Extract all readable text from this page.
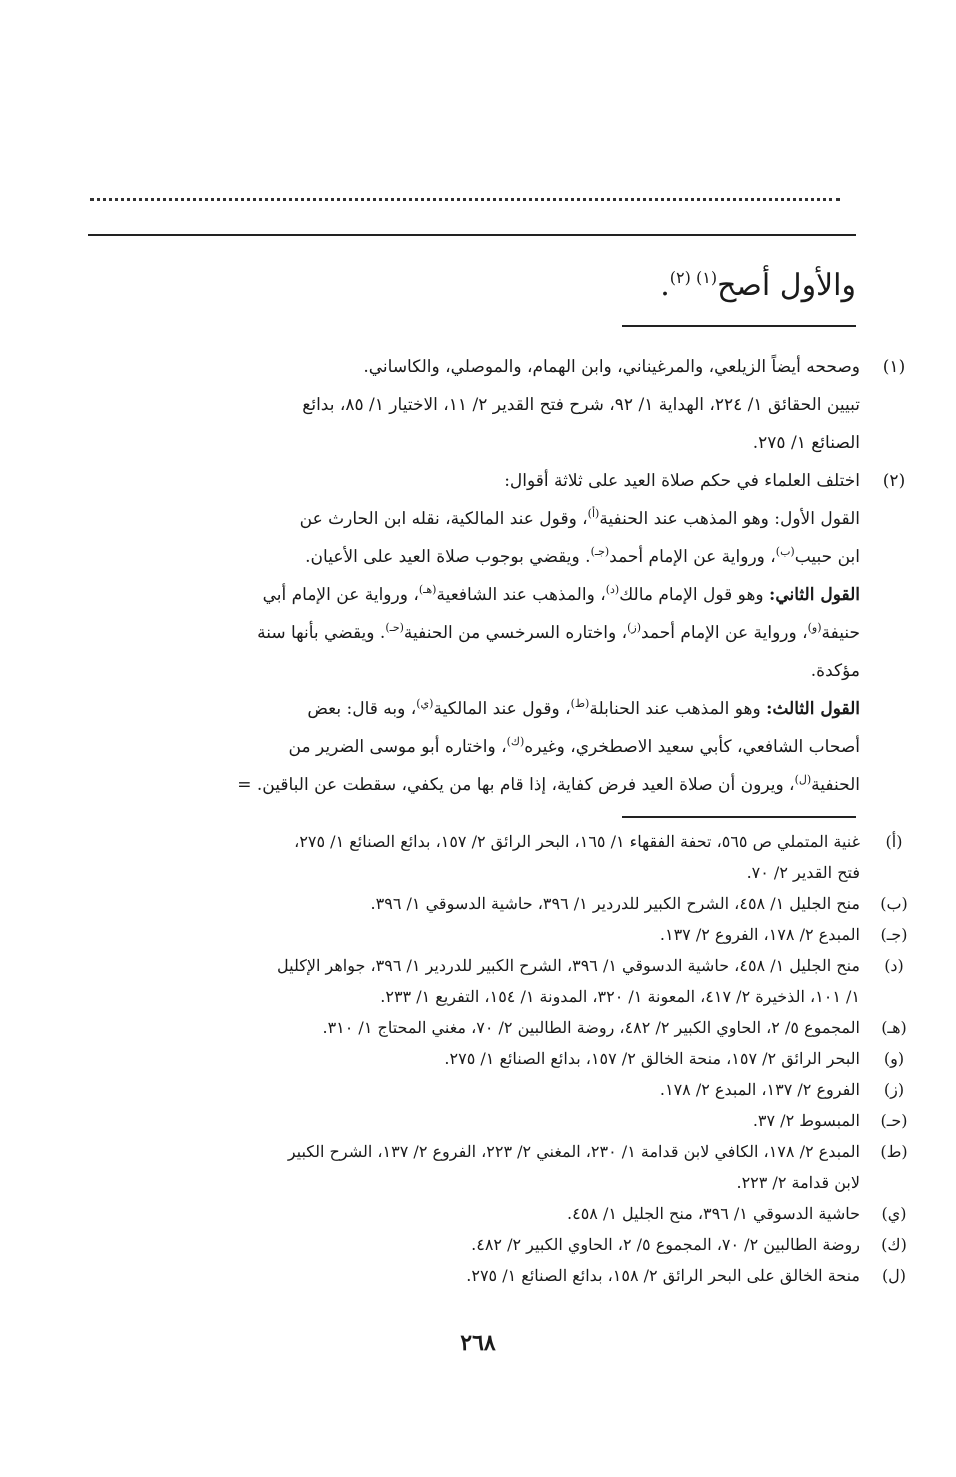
والأول أصح$^{(١) (٢)}$.
(١)
وصححه أيضاً الزيلعي، والمرغيناني، وابن الهمام، والموصلي، والكاساني.
تبيين الحقائق ١/ ٢٢٤، الهداية ١/ ٩٢، شرح فتح القدير ٢/ ١١، الاختيار ١/ ٨٥، بدائع
الصنائع ١/ ٢٧٥.
(٢)
اختلف العلماء في حكم صلاة العيد على ثلاثة أقوال:
القول الأول: وهو المذهب عند الحنفية$^{(أ)}$، وقول عند المالكية، نقله ابن الحارث عن
ابن حبيب$^{(ب)}$، ورواية عن الإمام أحمد$^{(جـ)}$. ويقضي بوجوب صلاة العيد على الأعيان.
القول الثاني: وهو قول الإمام مالك$^{(د)}$، والمذهب عند الشافعية$^{(هـ)}$، ورواية عن الإمام أبي
حنيفة$^{(و)}$، ورواية عن الإمام أحمد$^{(ز)}$، واختاره السرخسي من الحنفية$^{(حـ)}$. ويقضي بأنها سنة
مؤكدة.
القول الثالث: وهو المذهب عند الحنابلة$^{(ط)}$، وقول عند المالكية$^{(ي)}$، وبه قال: بعض
أصحاب الشافعي، كأبي سعيد الاصطخري، وغيره$^{(ك)}$، واختاره أبو موسى الضرير من
الحنفية$^{(ل)}$، ويرون أن صلاة العيد فرض كفاية، إذا قام بها من يكفي، سقطت عن الباقين. =
(أ)
غنية المتملي ص ٥٦٥، تحفة الفقهاء ١/ ١٦٥، البحر الرائق ٢/ ١٥٧، بدائع الصنائع ١/ ٢٧٥،
فتح القدير ٢/ ٧٠.
(ب)
منح الجليل ١/ ٤٥٨، الشرح الكبير للدردير ١/ ٣٩٦، حاشية الدسوقي ١/ ٣٩٦.
(جـ)
المبدع ٢/ ١٧٨، الفروع ٢/ ١٣٧.
(د)
منح الجليل ١/ ٤٥٨، حاشية الدسوقي ١/ ٣٩٦، الشرح الكبير للدردير ١/ ٣٩٦، جواهر الإكليل
١/ ١٠١، الذخيرة ٢/ ٤١٧، المعونة ١/ ٣٢٠، المدونة ١/ ١٥٤، التفريع ١/ ٢٣٣.
(هـ)
المجموع ٥/ ٢، الحاوي الكبير ٢/ ٤٨٢، روضة الطالبين ٢/ ٧٠، مغني المحتاج ١/ ٣١٠.
(و)
البحر الرائق ٢/ ١٥٧، منحة الخالق ٢/ ١٥٧، بدائع الصنائع ١/ ٢٧٥.
(ز)
الفروع ٢/ ١٣٧، المبدع ٢/ ١٧٨.
(حـ)
المبسوط ٢/ ٣٧.
(ط)
المبدع ٢/ ١٧٨، الكافي لابن قدامة ١/ ٢٣٠، المغني ٢/ ٢٢٣، الفروع ٢/ ١٣٧، الشرح الكبير
لابن قدامة ٢/ ٢٢٣.
(ي)
حاشية الدسوقي ١/ ٣٩٦، منح الجليل ١/ ٤٥٨.
(ك)
روضة الطالبين ٢/ ٧٠، المجموع ٥/ ٢، الحاوي الكبير ٢/ ٤٨٢.
(ل)
منحة الخالق على البحر الرائق ٢/ ١٥٨، بدائع الصنائع ١/ ٢٧٥.
٢٦٨
